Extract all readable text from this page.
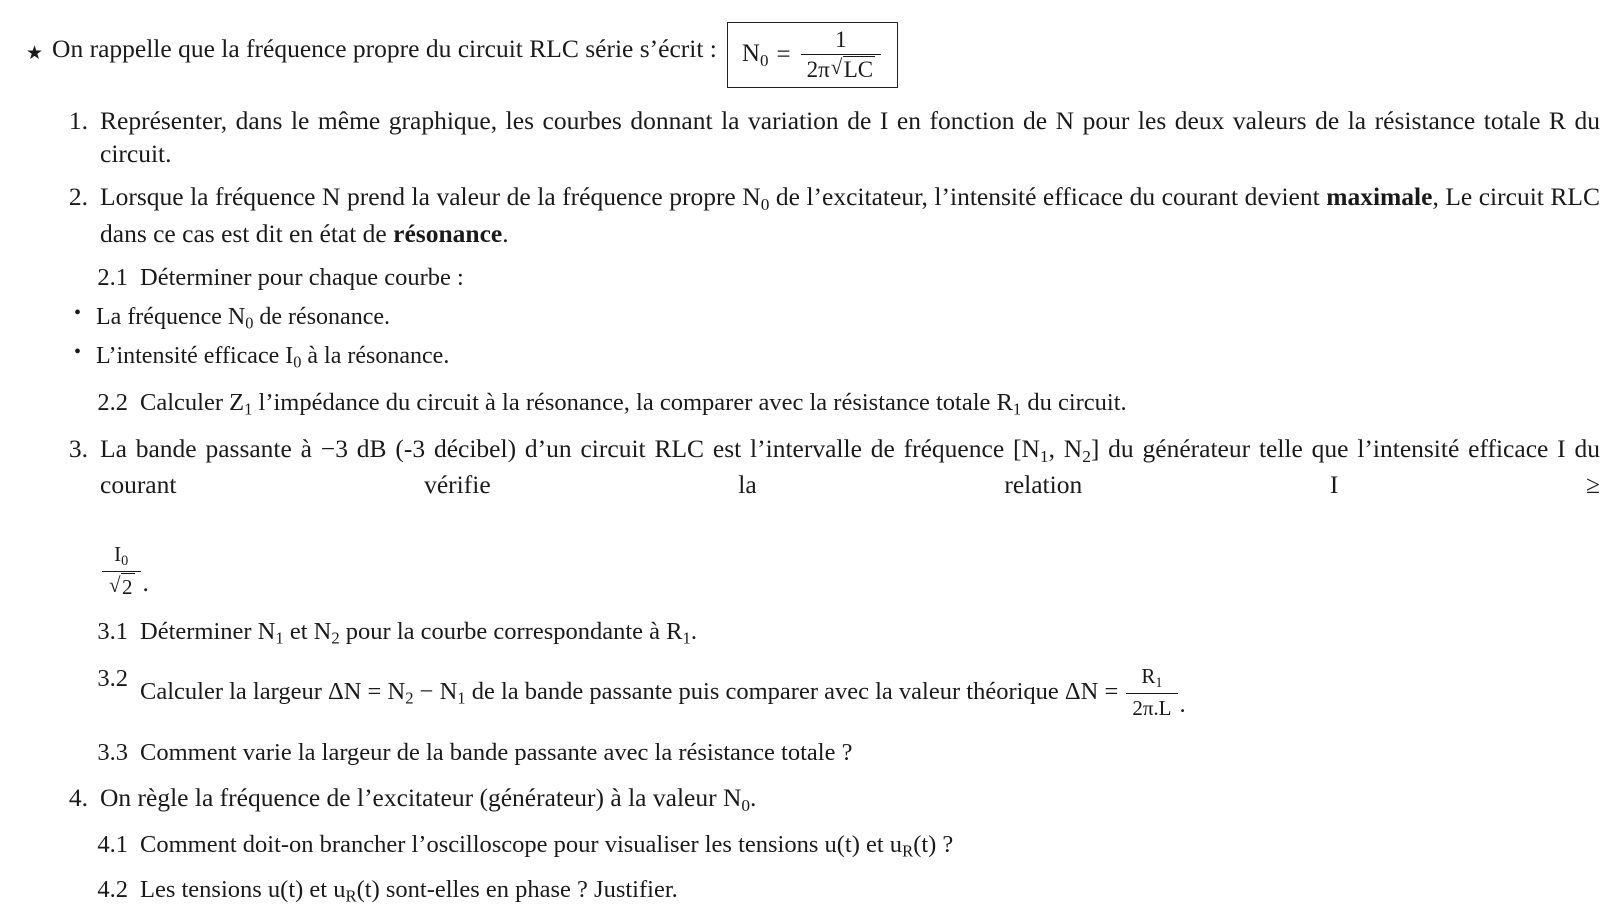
★ On rappelle que la fréquence propre du circuit RLC série s’écrit : $N_0 = \frac{1}{2\pi √ LC}$
1. Représenter, dans le même graphique, les courbes donnant la variation de I en fonction de N pour les deux valeurs de la résistance totale R du circuit.
2. Lorsque la fréquence N prend la valeur de la fréquence propre $N_0$ de l’excitateur, l’intensité efficace du courant devient maximale, Le circuit RLC dans ce cas est dit en état de résonance.
2.1 Déterminer pour chaque courbe :
• La fréquence $N_0$ de résonance.
• L’intensité efficace $I_0$ à la résonance.
2.2 Calculer $Z_1$ l’impédance du circuit à la résonance, la comparer avec la résistance totale $R_1$ du circuit.
3. La bande passante à −3 dB (-3 décibel) d’un circuit RLC est l’intervalle de fréquence [$N_1$, $N_2$] du générateur telle que l’intensité efficace I du courant vérifie la relation I ≥
$I_0$
√ 2 .
3.1 Déterminer $N_1$ et $N_2$ pour la courbe correspondante à $R_1$.
3.2 Calculer la largeur $\Delta N = N_2 - N_1$ de la bande passante puis comparer avec la valeur théorique $\Delta N = \frac{R_1}{2\pi.L}$ .
3.3 Comment varie la largeur de la bande passante avec la résistance totale ?
4. On règle la fréquence de l’excitateur (générateur) à la valeur $N_0$.
4.1 Comment doit-on brancher l’oscilloscope pour visualiser les tensions u(t) et $u_R(t)$ ?
4.2 Les tensions u(t) et $u_R(t)$ sont-elles en phase ? Justifier.
